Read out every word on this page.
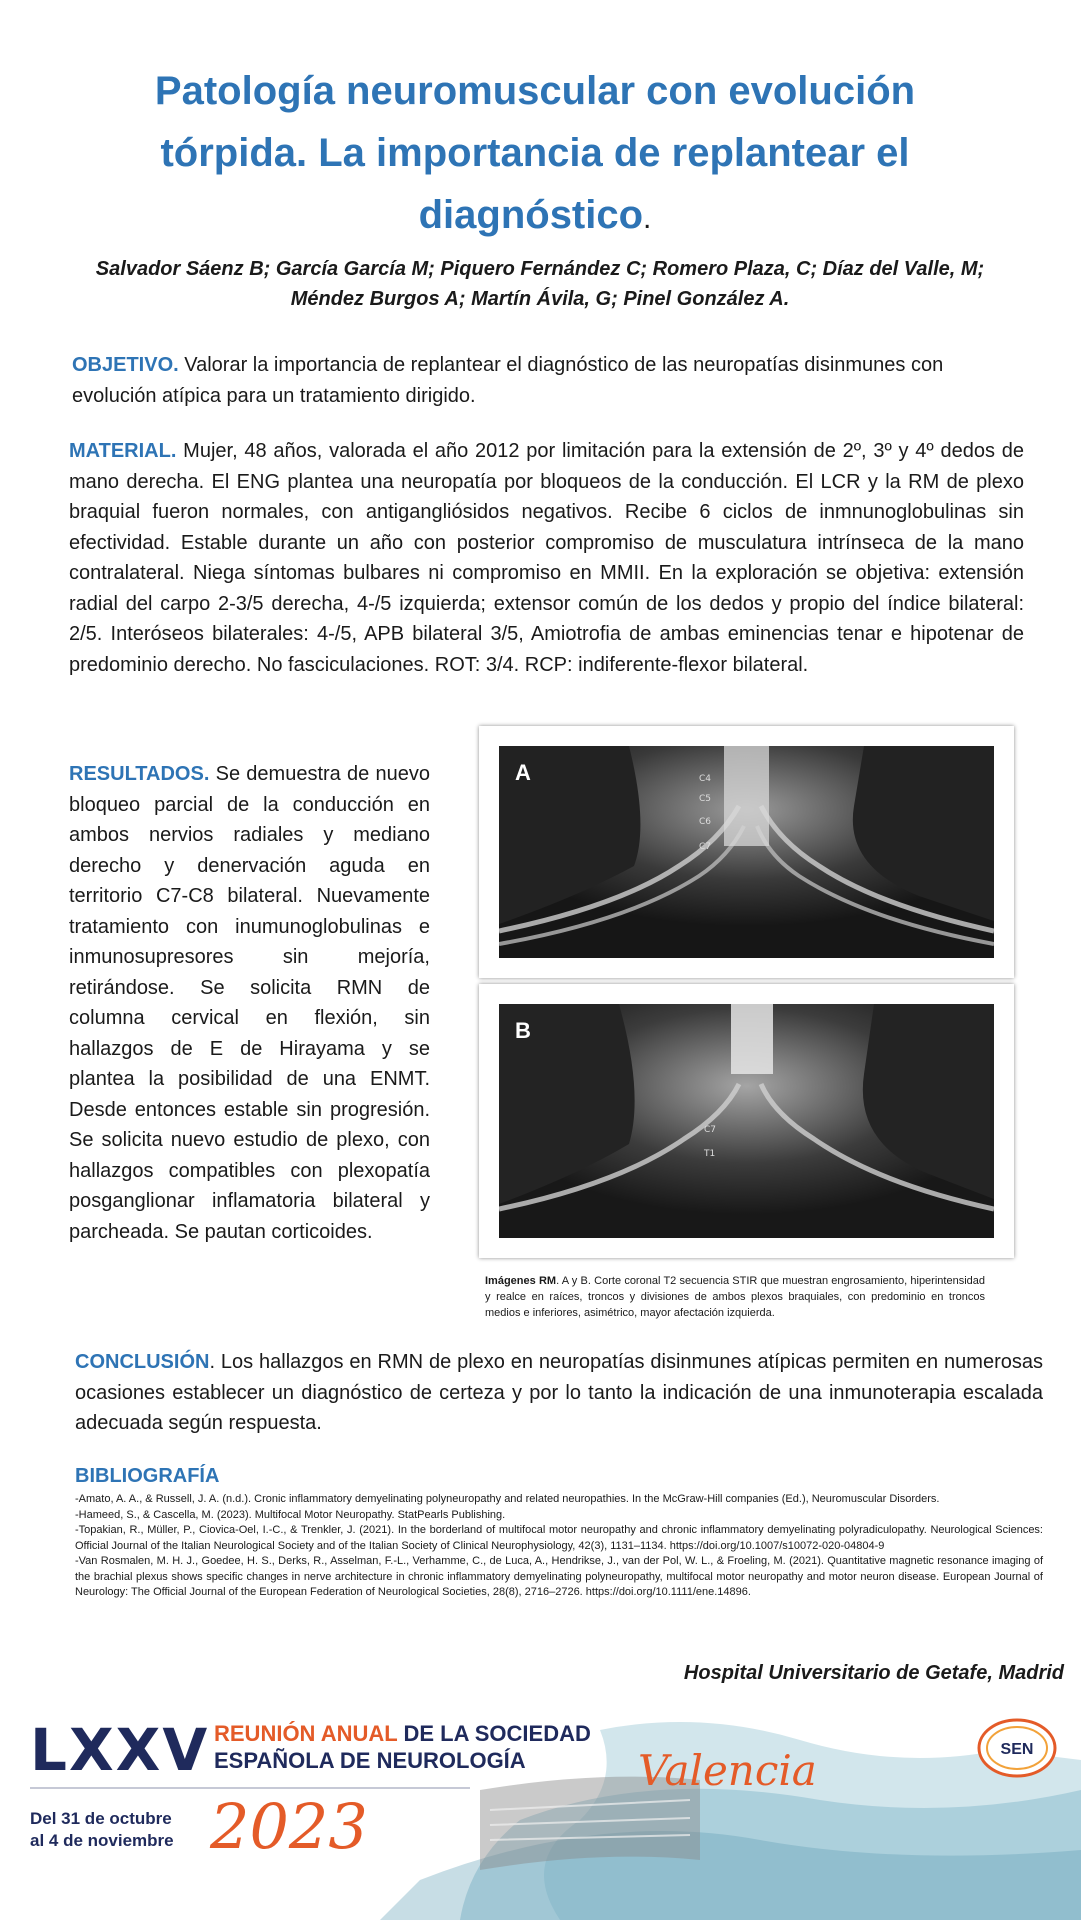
Patología neuromuscular con evolución
tórpida. La importancia de replantear el
diagnóstico.
Salvador Sáenz B; García García M; Piquero Fernández C; Romero Plaza, C; Díaz del Valle, M;
Méndez Burgos A; Martín Ávila, G; Pinel González A.
OBJETIVO. Valorar la importancia de replantear el diagnóstico de las neuropatías disinmunes con evolución atípica para un tratamiento dirigido.
MATERIAL. Mujer, 48 años, valorada el año 2012 por limitación para la extensión de 2º, 3º y 4º dedos de mano derecha. El ENG plantea una neuropatía por bloqueos de la conducción. El LCR y la RM de plexo braquial fueron normales, con antigangliósidos negativos. Recibe 6 ciclos de inmnunoglobulinas sin efectividad. Estable durante un año con posterior compromiso de musculatura intrínseca de la mano contralateral. Niega síntomas bulbares ni compromiso en MMII. En la exploración se objetiva: extensión radial del carpo 2-3/5 derecha, 4-/5 izquierda; extensor común de los dedos y propio del índice bilateral: 2/5. Interóseos bilaterales: 4-/5, APB bilateral 3/5, Amiotrofia de ambas eminencias tenar e hipotenar de predominio derecho. No fasciculaciones. ROT: 3/4. RCP: indiferente-flexor bilateral.
RESULTADOS. Se demuestra de nuevo bloqueo parcial de la conducción en ambos nervios radiales y mediano derecho y denervación aguda en territorio C7-C8 bilateral. Nuevamente tratamiento con inumunoglobulinas e inmunosupresores sin mejoría, retirándose. Se solicita RMN de columna cervical en flexión, sin hallazgos de E de Hirayama y se plantea la posibilidad de una ENMT. Desde entonces estable sin progresión. Se solicita nuevo estudio de plexo, con hallazgos compatibles con plexopatía posganglionar inflamatoria bilateral y parcheada. Se pautan corticoides.
C4
C5
C6
C7
A
C7
T1
B
Imágenes RM. A y B. Corte coronal T2 secuencia STIR que muestran engrosamiento, hiperintensidad y realce en raíces, troncos y divisiones de ambos plexos braquiales, con predominio en troncos medios e inferiores, asimétrico, mayor afectación izquierda.
CONCLUSIÓN. Los hallazgos en RMN de plexo en neuropatías disinmunes atípicas permiten en numerosas ocasiones establecer un diagnóstico de certeza y por lo tanto la indicación de una inmunoterapia escalada adecuada según respuesta.
BIBLIOGRAFÍA

-Amato, A. A., & Russell, J. A. (n.d.). Cronic inflammatory demyelinating polyneuropathy and related neuropathies. In the McGraw-Hill companies (Ed.), Neuromuscular Disorders.

-Hameed, S., & Cascella, M. (2023). Multifocal Motor Neuropathy. StatPearls Publishing.

-Topakian, R., Müller, P., Ciovica-Oel, I.-C., & Trenkler, J. (2021). In the borderland of multifocal motor neuropathy and chronic inflammatory demyelinating polyradiculopathy. Neurological Sciences: Official Journal of the Italian Neurological Society and of the Italian Society of Clinical Neurophysiology, 42(3), 1131–1134. https://doi.org/10.1007/s10072-020-04804-9

-Van Rosmalen, M. H. J., Goedee, H. S., Derks, R., Asselman, F.-L., Verhamme, C., de Luca, A., Hendrikse, J., van der Pol, W. L., & Froeling, M. (2021). Quantitative magnetic resonance imaging of the brachial plexus shows specific changes in nerve architecture in chronic inflammatory demyelinating polyneuropathy, multifocal motor neuropathy and motor neuron disease. European Journal of Neurology: The Official Journal of the European Federation of Neurological Societies, 28(8), 2716–2726. https://doi.org/10.1111/ene.14896.

Hospital Universitario de Getafe, Madrid
LXXV REUNIÓN ANUAL DE LA SOCIEDAD
ESPAÑOLA DE NEUROLOGÍA
Del 31 de octubre
al 4 de noviembre 2023
Valencia	SEN
